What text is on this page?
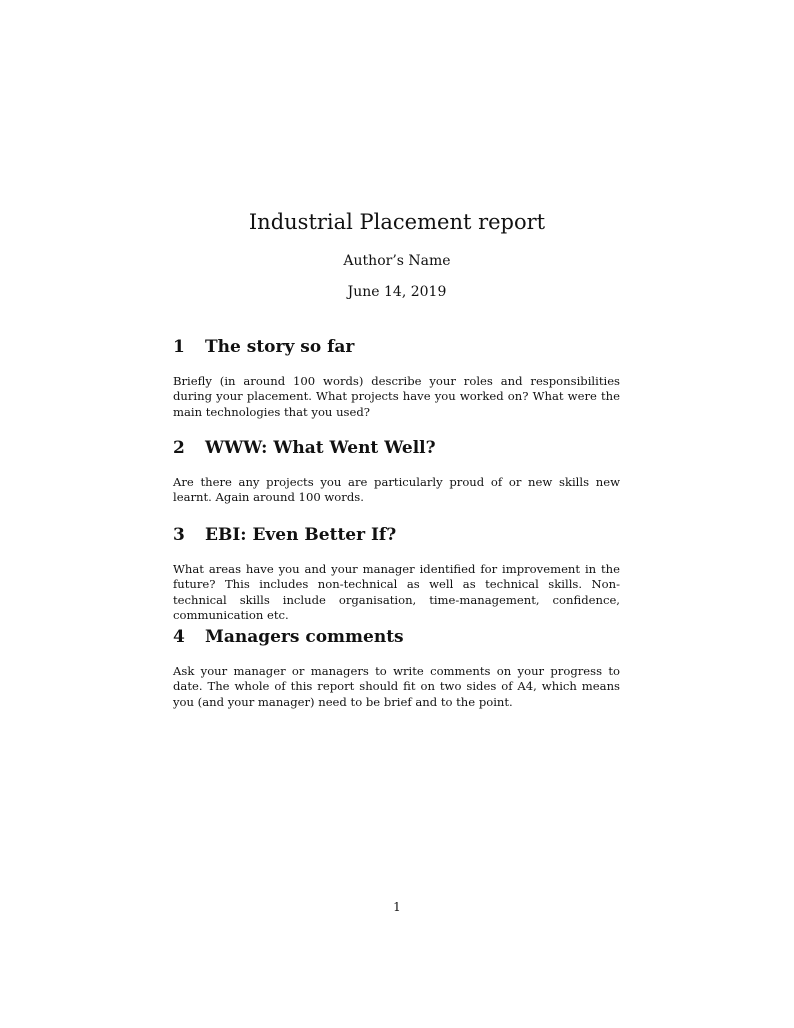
Industrial Placement report
Author’s Name
June 14, 2019
1 The story so far

Briefly (in around 100 words) describe your roles and responsibilities during your placement. What projects have you worked on? What were the main technologies that you used?

2 WWW: What Went Well?

Are there any projects you are particularly proud of or new skills new learnt. Again around 100 words.

3 EBI: Even Better If?

What areas have you and your manager identified for improvement in the future? This includes non-technical as well as technical skills. Non-technical skills include organisation, time-management, confidence, communication etc.

4 Managers comments

Ask your manager or managers to write comments on your progress to date. The whole of this report should fit on two sides of A4, which means you (and your manager) need to be brief and to the point.

1
